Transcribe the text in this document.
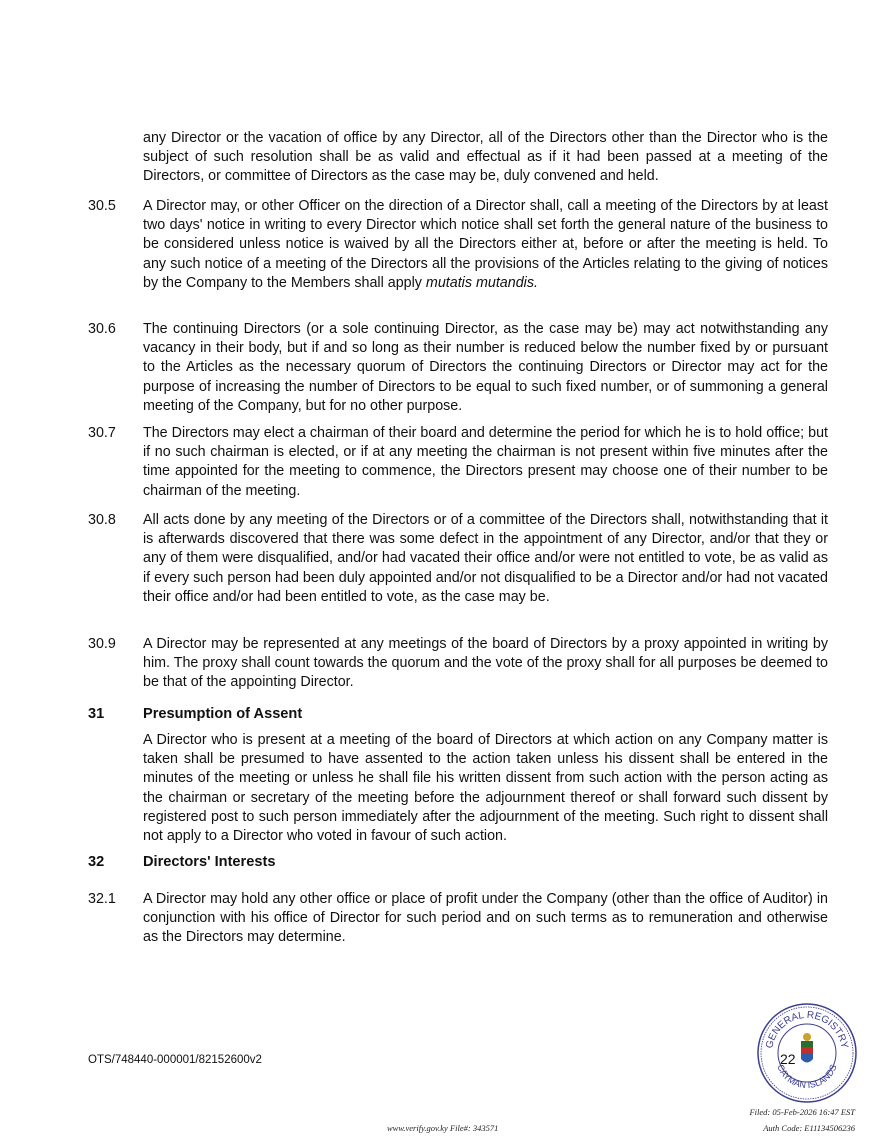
any Director or the vacation of office by any Director, all of the Directors other than the Director who is the subject of such resolution shall be as valid and effectual as if it had been passed at a meeting of the Directors, or committee of Directors as the case may be, duly convened and held.
30.5	A Director may, or other Officer on the direction of a Director shall, call a meeting of the Directors by at least two days' notice in writing to every Director which notice shall set forth the general nature of the business to be considered unless notice is waived by all the Directors either at, before or after the meeting is held. To any such notice of a meeting of the Directors all the provisions of the Articles relating to the giving of notices by the Company to the Members shall apply mutatis mutandis.
30.6	The continuing Directors (or a sole continuing Director, as the case may be) may act notwithstanding any vacancy in their body, but if and so long as their number is reduced below the number fixed by or pursuant to the Articles as the necessary quorum of Directors the continuing Directors or Director may act for the purpose of increasing the number of Directors to be equal to such fixed number, or of summoning a general meeting of the Company, but for no other purpose.
30.7	The Directors may elect a chairman of their board and determine the period for which he is to hold office; but if no such chairman is elected, or if at any meeting the chairman is not present within five minutes after the time appointed for the meeting to commence, the Directors present may choose one of their number to be chairman of the meeting.
30.8	All acts done by any meeting of the Directors or of a committee of the Directors shall, notwithstanding that it is afterwards discovered that there was some defect in the appointment of any Director, and/or that they or any of them were disqualified, and/or had vacated their office and/or were not entitled to vote, be as valid as if every such person had been duly appointed and/or not disqualified to be a Director and/or had not vacated their office and/or had been entitled to vote, as the case may be.
30.9	A Director may be represented at any meetings of the board of Directors by a proxy appointed in writing by him. The proxy shall count towards the quorum and the vote of the proxy shall for all purposes be deemed to be that of the appointing Director.
31	Presumption of Assent
A Director who is present at a meeting of the board of Directors at which action on any Company matter is taken shall be presumed to have assented to the action taken unless his dissent shall be entered in the minutes of the meeting or unless he shall file his written dissent from such action with the person acting as the chairman or secretary of the meeting before the adjournment thereof or shall forward such dissent by registered post to such person immediately after the adjournment of the meeting. Such right to dissent shall not apply to a Director who voted in favour of such action.
32	Directors' Interests
32.1	A Director may hold any other office or place of profit under the Company (other than the office of Auditor) in conjunction with his office of Director for such period and on such terms as to remuneration and otherwise as the Directors may determine.
OTS/748440-000001/82152600v2
GENERAL REGISTRY
CAYMAN ISLANDS
22
Filed: 05-Feb-2026 16:47 EST
Auth Code: E11134506236
www.verify.gov.ky File#: 343571
